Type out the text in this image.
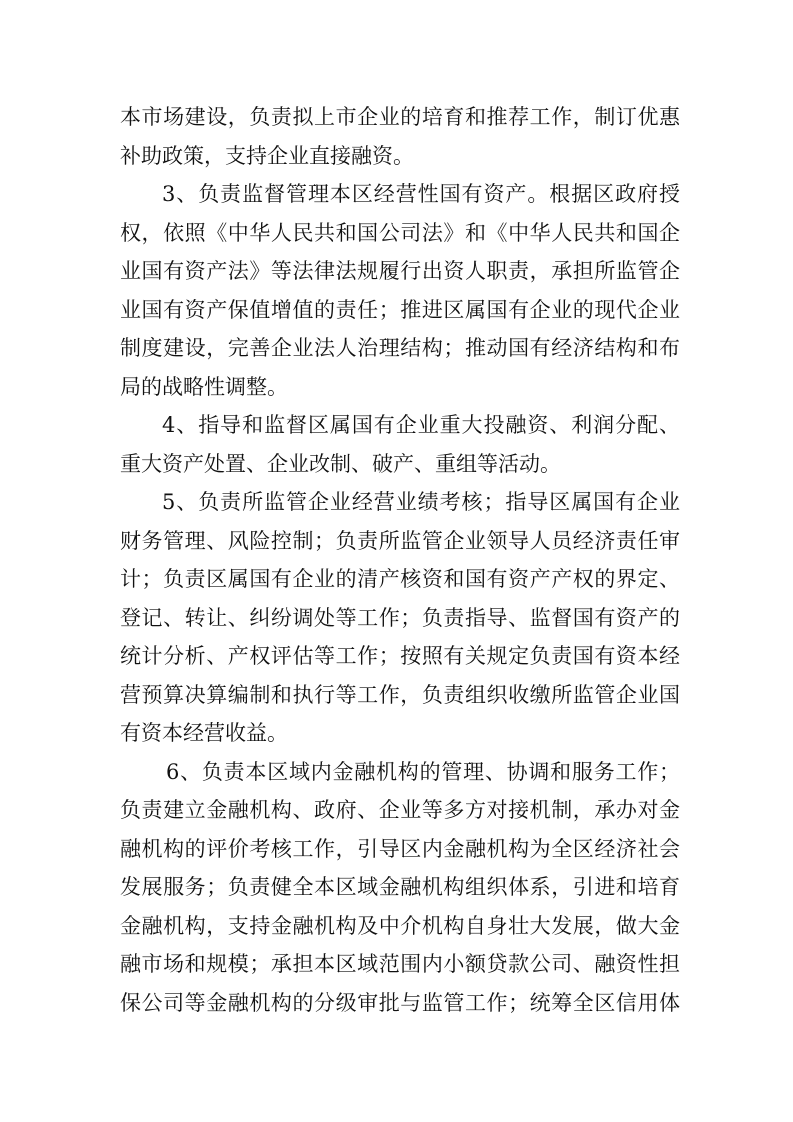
本市场建设，负责拟上市企业的培育和推荐工作，制订优惠
补助政策，支持企业直接融资。
3、负责监督管理本区经营性国有资产。根据区政府授
权，依照《中华人民共和国公司法》和《中华人民共和国企
业国有资产法》等法律法规履行出资人职责，承担所监管企
业国有资产保值增值的责任；推进区属国有企业的现代企业
制度建设，完善企业法人治理结构；推动国有经济结构和布
局的战略性调整。
4、指导和监督区属国有企业重大投融资、利润分配、
重大资产处置、企业改制、破产、重组等活动。
5、负责所监管企业经营业绩考核；指导区属国有企业
财务管理、风险控制；负责所监管企业领导人员经济责任审
计；负责区属国有企业的清产核资和国有资产产权的界定、
登记、转让、纠纷调处等工作；负责指导、监督国有资产的
统计分析、产权评估等工作；按照有关规定负责国有资本经
营预算决算编制和执行等工作，负责组织收缴所监管企业国
有资本经营收益。
6、负责本区域内金融机构的管理、协调和服务工作；
负责建立金融机构、政府、企业等多方对接机制，承办对金
融机构的评价考核工作，引导区内金融机构为全区经济社会
发展服务；负责健全本区域金融机构组织体系，引进和培育
金融机构，支持金融机构及中介机构自身壮大发展，做大金
融市场和规模；承担本区域范围内小额贷款公司、融资性担
保公司等金融机构的分级审批与监管工作；统筹全区信用体
